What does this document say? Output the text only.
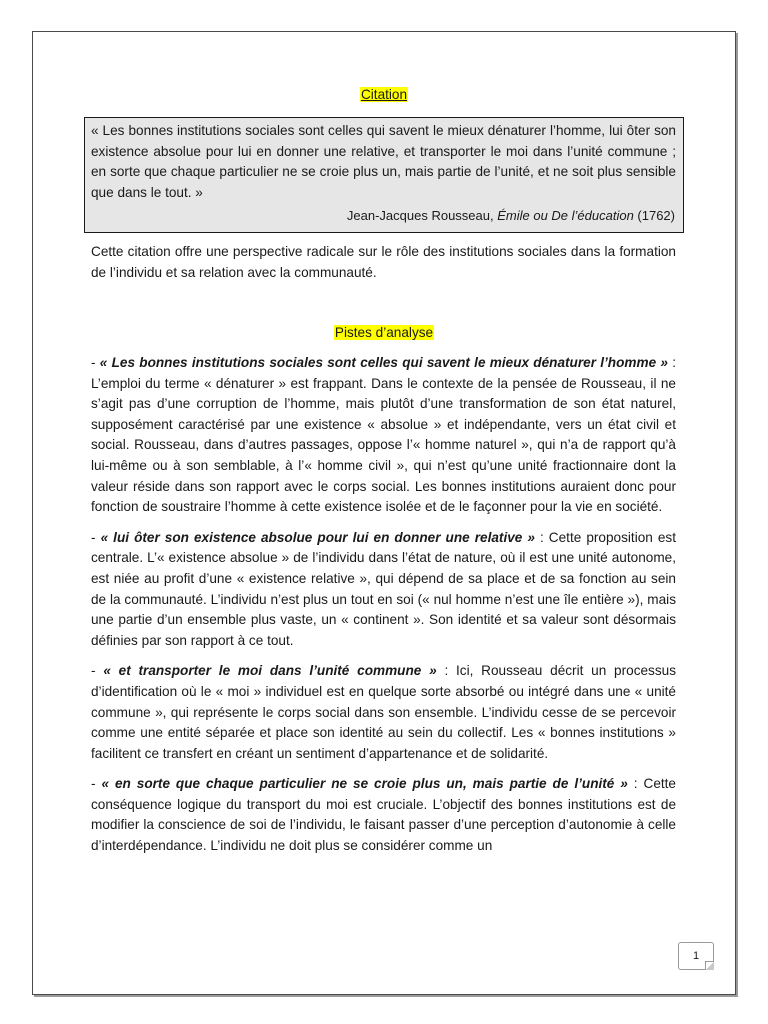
Citation
« Les bonnes institutions sociales sont celles qui savent le mieux dénaturer l’homme, lui ôter son existence absolue pour lui en donner une relative, et transporter le moi dans l’unité commune ; en sorte que chaque particulier ne se croie plus un, mais partie de l’unité, et ne soit plus sensible que dans le tout. »
Jean-Jacques Rousseau, Émile ou De l’éducation (1762)

Cette citation offre une perspective radicale sur le rôle des institutions sociales dans la formation de l’individu et sa relation avec la communauté.

Pistes d’analyse

- « Les bonnes institutions sociales sont celles qui savent le mieux dénaturer l’homme » : L’emploi du terme « dénaturer » est frappant. Dans le contexte de la pensée de Rousseau, il ne s’agit pas d’une corruption de l’homme, mais plutôt d’une transformation de son état naturel, supposément caractérisé par une existence « absolue » et indépendante, vers un état civil et social. Rousseau, dans d’autres passages, oppose l’« homme naturel », qui n’a de rapport qu’à lui-même ou à son semblable, à l’« homme civil », qui n’est qu’une unité fractionnaire dont la valeur réside dans son rapport avec le corps social. Les bonnes institutions auraient donc pour fonction de soustraire l’homme à cette existence isolée et de le façonner pour la vie en société.

- « lui ôter son existence absolue pour lui en donner une relative » : Cette proposition est centrale. L’« existence absolue » de l’individu dans l’état de nature, où il est une unité autonome, est niée au profit d’une « existence relative », qui dépend de sa place et de sa fonction au sein de la communauté. L’individu n’est plus un tout en soi (« nul homme n’est une île entière »), mais une partie d’un ensemble plus vaste, un « continent ». Son identité et sa valeur sont désormais définies par son rapport à ce tout.

- « et transporter le moi dans l’unité commune » : Ici, Rousseau décrit un processus d’identification où le « moi » individuel est en quelque sorte absorbé ou intégré dans une « unité commune », qui représente le corps social dans son ensemble. L’individu cesse de se percevoir comme une entité séparée et place son identité au sein du collectif. Les « bonnes institutions » facilitent ce transfert en créant un sentiment d’appartenance et de solidarité.

- « en sorte que chaque particulier ne se croie plus un, mais partie de l’unité » : Cette conséquence logique du transport du moi est cruciale. L’objectif des bonnes institutions est de modifier la conscience de soi de l’individu, le faisant passer d’une perception d’autonomie à celle d’interdépendance. L’individu ne doit plus se considérer comme un

1
